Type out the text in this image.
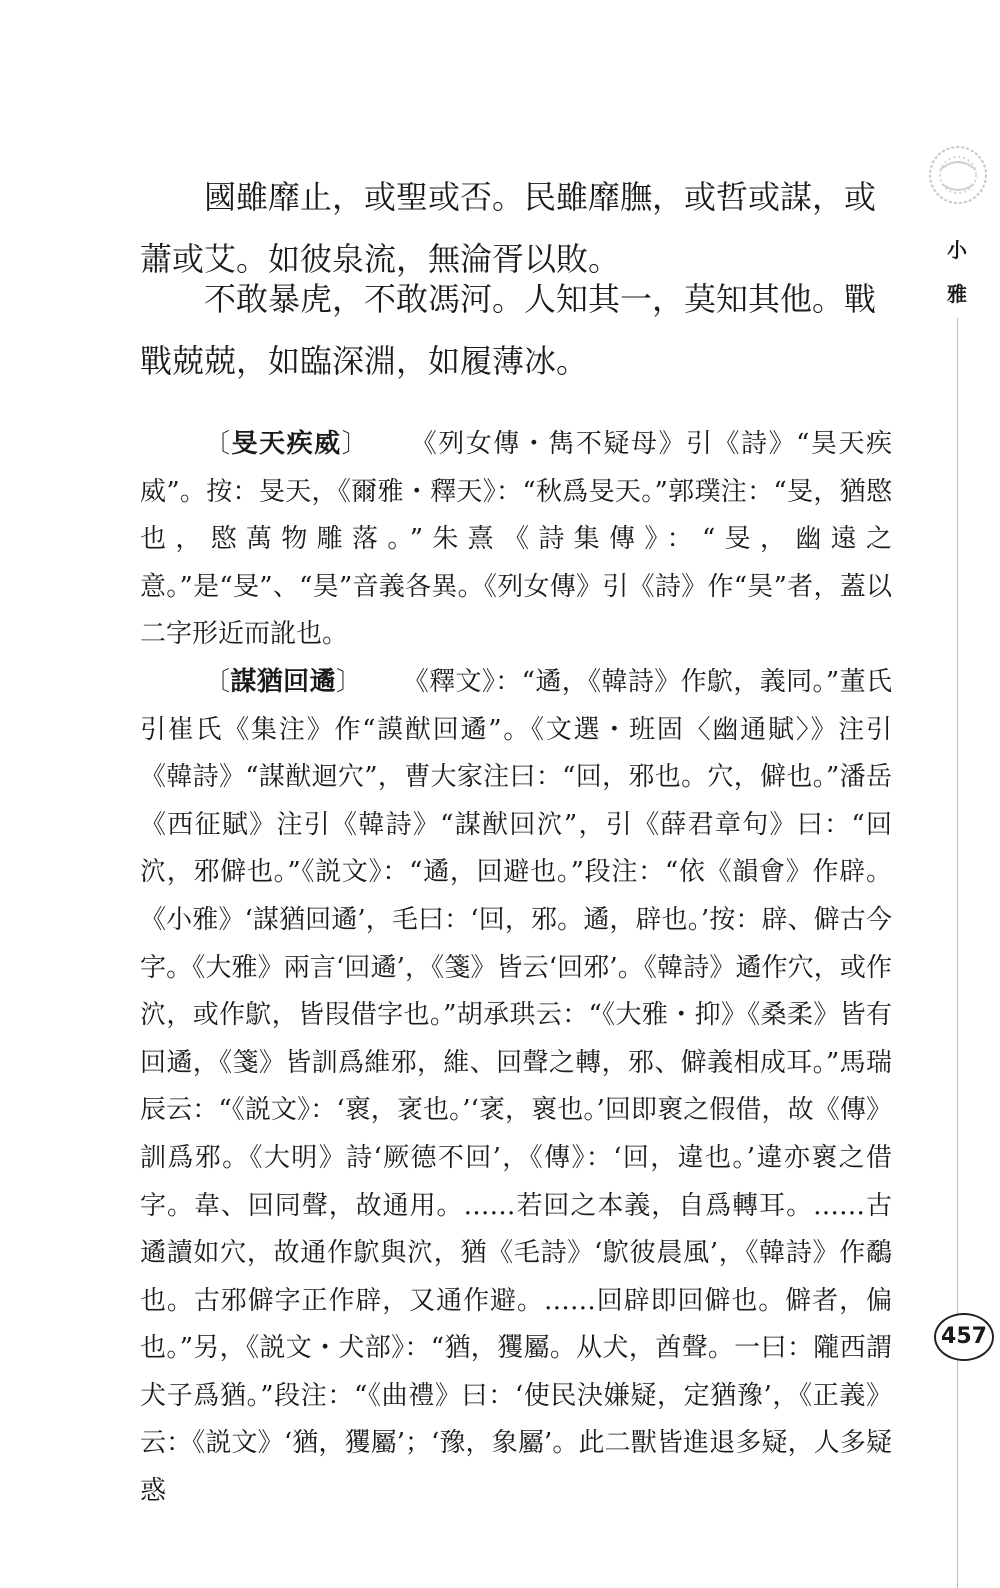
小
雅

國雖靡止，或聖或否。民雖靡膴，或哲或謀，或蕭或艾。如彼泉流，無淪胥以敗。

不敢暴虎，不敢馮河。人知其一，莫知其他。戰戰兢兢，如臨深淵，如履薄冰。

〔旻天疾威〕 《列女傳・雋不疑母》引《詩》“昊天疾威”。按：旻天，《爾雅・釋天》：“秋爲旻天。”郭璞注：“旻，猶愍也，愍萬物雕落。”朱熹《詩集傳》：“旻，幽遠之意。”是“旻”、“昊”音義各異。《列女傳》引《詩》作“昊”者，蓋以二字形近而訛也。

〔謀猶回遹〕 《釋文》：“遹，《韓詩》作鴥，義同。”董氏引崔氏《集注》作“謨猷回遹”。《文選・班固〈幽通賦〉》注引《韓詩》“謀猷迴穴”，曹大家注曰：“回，邪也。穴，僻也。”潘岳《西征賦》注引《韓詩》“謀猷回泬”，引《薛君章句》曰：“回泬，邪僻也。”《説文》：“遹，回避也。”段注：“依《韻會》作辟。《小雅》‘謀猶回遹’，毛曰：‘回，邪。遹，辟也。’按：辟、僻古今字。《大雅》兩言‘回遹’，《箋》皆云‘回邪’。《韓詩》遹作穴，或作泬，或作鴥，皆叚借字也。”胡承珙云：“《大雅・抑》《桑柔》皆有回遹，《箋》皆訓爲維邪，維、回聲之轉，邪、僻義相成耳。”馬瑞辰云：“《説文》：‘褱，衺也。’‘衺，褱也。’回即褱之假借，故《傳》訓爲邪。《大明》詩‘厥德不回’，《傳》：‘回，違也。’違亦褱之借字。韋、回同聲，故通用。……若回之本義，自爲轉耳。……古遹讀如穴，故通作鴥與泬，猶《毛詩》‘鴥彼晨風’，《韓詩》作鷸也。古邪僻字正作辟，又通作避。……回辟即回僻也。僻者，偏也。”另，《説文・犬部》：“猶，玃屬。从犬，酋聲。一曰：隴西謂犬子爲猶。”段注：“《曲禮》曰：‘使民決嫌疑，定猶豫’，《正義》云：《説文》‘猶，玃屬’；‘豫，象屬’。此二獸皆進退多疑，人多疑惑

457
